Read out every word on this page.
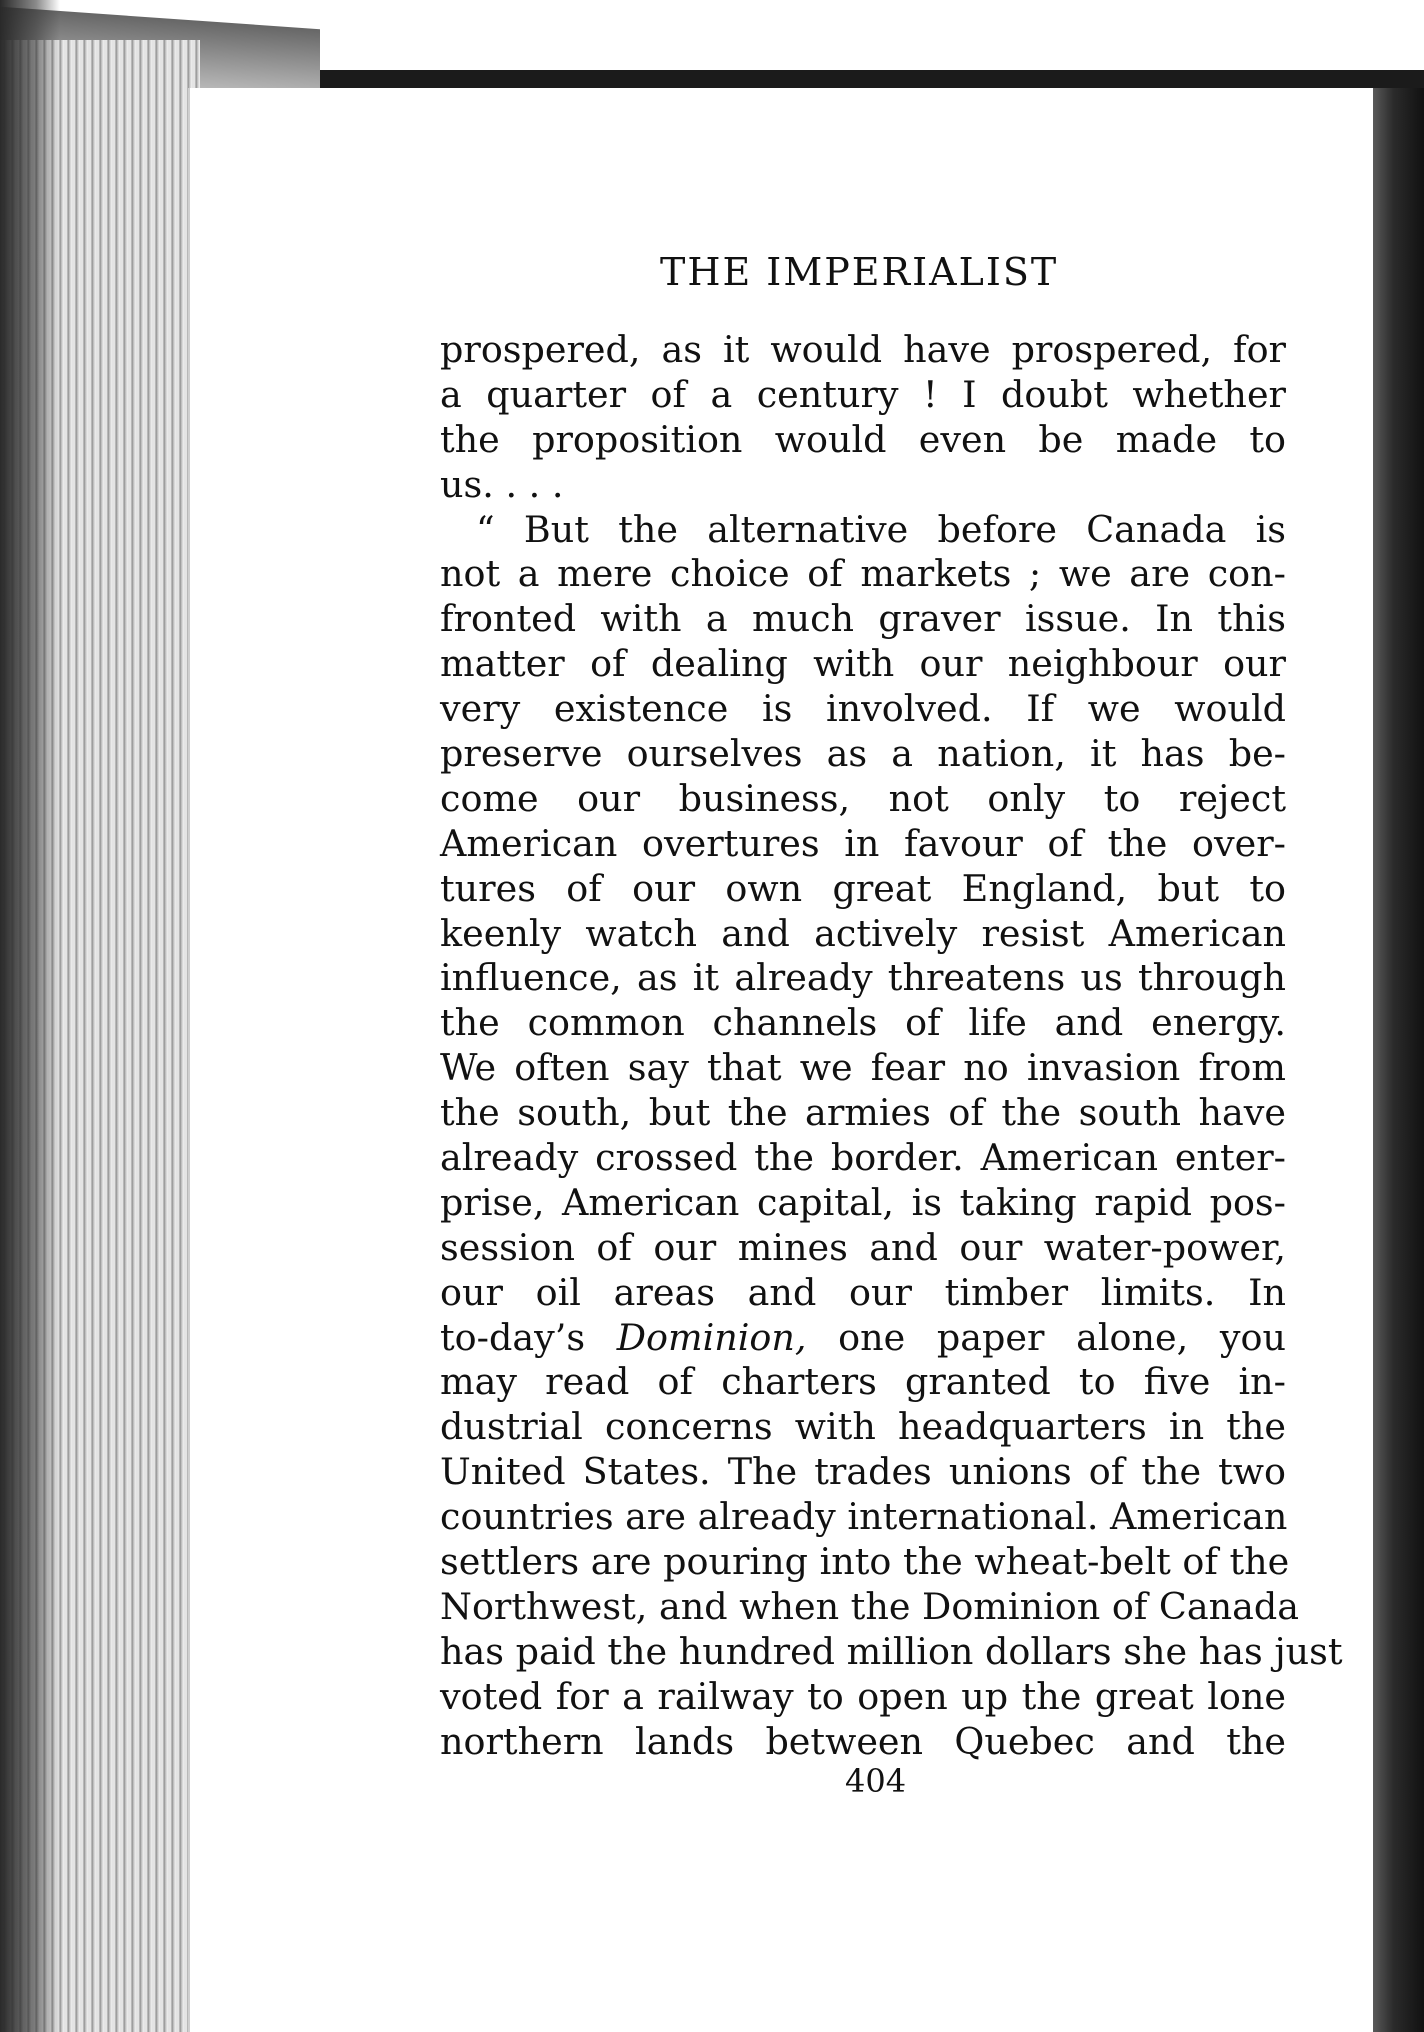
THE IMPERIALIST
prospered, as it would have prospered, for
a quarter of a century ! I doubt whether
the proposition would even be made to
us. . . .
“ But the alternative before Canada is
not a mere choice of markets ; we are con-
fronted with a much graver issue. In this
matter of dealing with our neighbour our
very existence is involved. If we would
preserve ourselves as a nation, it has be-
come our business, not only to reject
American overtures in favour of the over-
tures of our own great England, but to
keenly watch and actively resist American
influence, as it already threatens us through
the common channels of life and energy.
We often say that we fear no invasion from
the south, but the armies of the south have
already crossed the border. American enter-
prise, American capital, is taking rapid pos-
session of our mines and our water-power,
our oil areas and our timber limits. In
to-day’s Dominion, one paper alone, you
may read of charters granted to five in-
dustrial concerns with headquarters in the
United States. The trades unions of the two
countries are already international. American
settlers are pouring into the wheat-belt of the
Northwest, and when the Dominion of Canada
has paid the hundred million dollars she has just
voted for a railway to open up the great lone
northern lands between Quebec and the
404
